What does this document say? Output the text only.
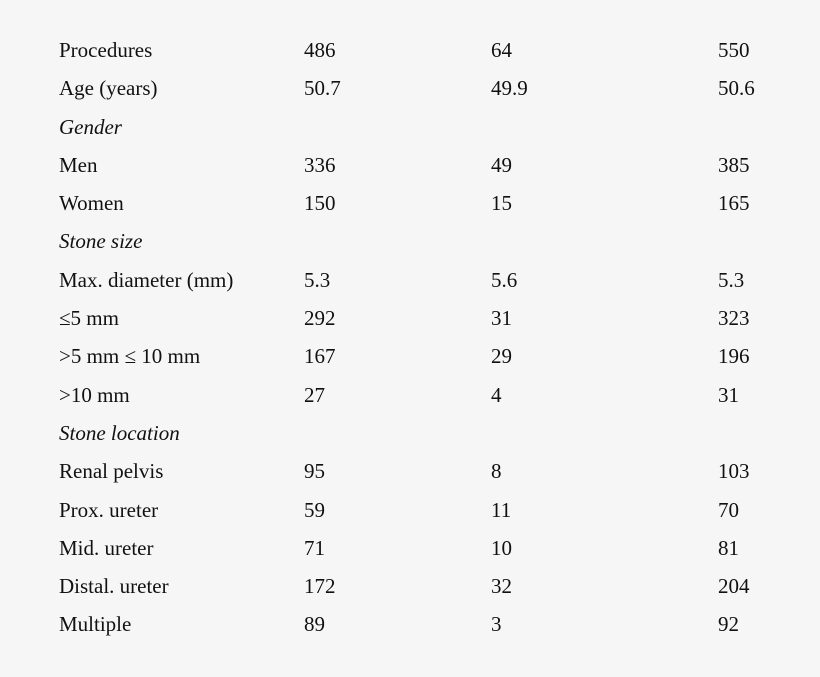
Procedures	486	64	550
Age (years)	50.7	49.9	50.6
Gender
Men	336	49	385
Women	150	15	165
Stone size
Max. diameter (mm)	5.3	5.6	5.3
≤5 mm	292	31	323
>5 mm ≤ 10 mm	167	29	196
>10 mm	27	4	31
Stone location
Renal pelvis	95	8	103
Prox. ureter	59	11	70
Mid. ureter	71	10	81
Distal. ureter	172	32	204
Multiple	89	3	92
